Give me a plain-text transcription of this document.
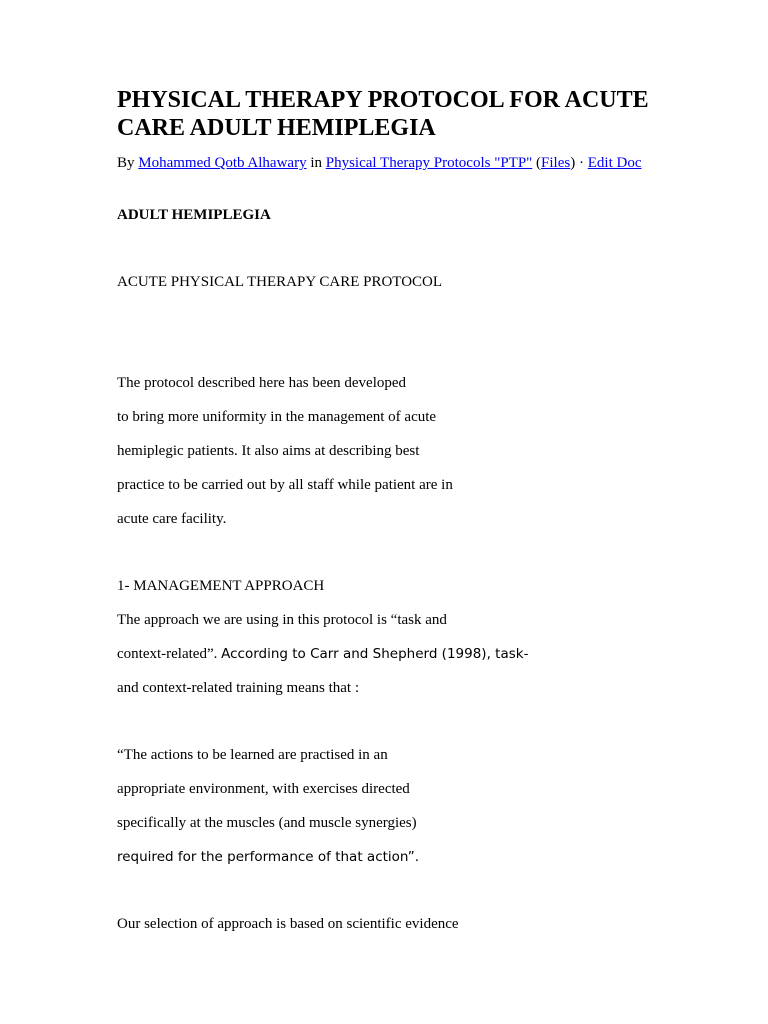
PHYSICAL THERAPY PROTOCOL FOR ACUTE CARE ADULT HEMIPLEGIA
By Mohammed Qotb Alhawary in Physical Therapy Protocols "PTP" (Files) · Edit Doc
ADULT HEMIPLEGIA
ACUTE PHYSICAL THERAPY CARE PROTOCOL
The protocol described here has been developed
to bring more uniformity in the management of acute
hemiplegic patients. It also aims at describing best
practice to be carried out by all staff while patient are in
acute care facility.
1- MANAGEMENT APPROACH
The approach we are using in this protocol is “task and
context-related”. According to Carr and Shepherd (1998), task-
and context-related training means that :
“The actions to be learned are practised in an
appropriate environment, with exercises directed
specifically at the muscles (and muscle synergies)
required for the performance of that action”.
Our selection of approach is based on scientific evidence
